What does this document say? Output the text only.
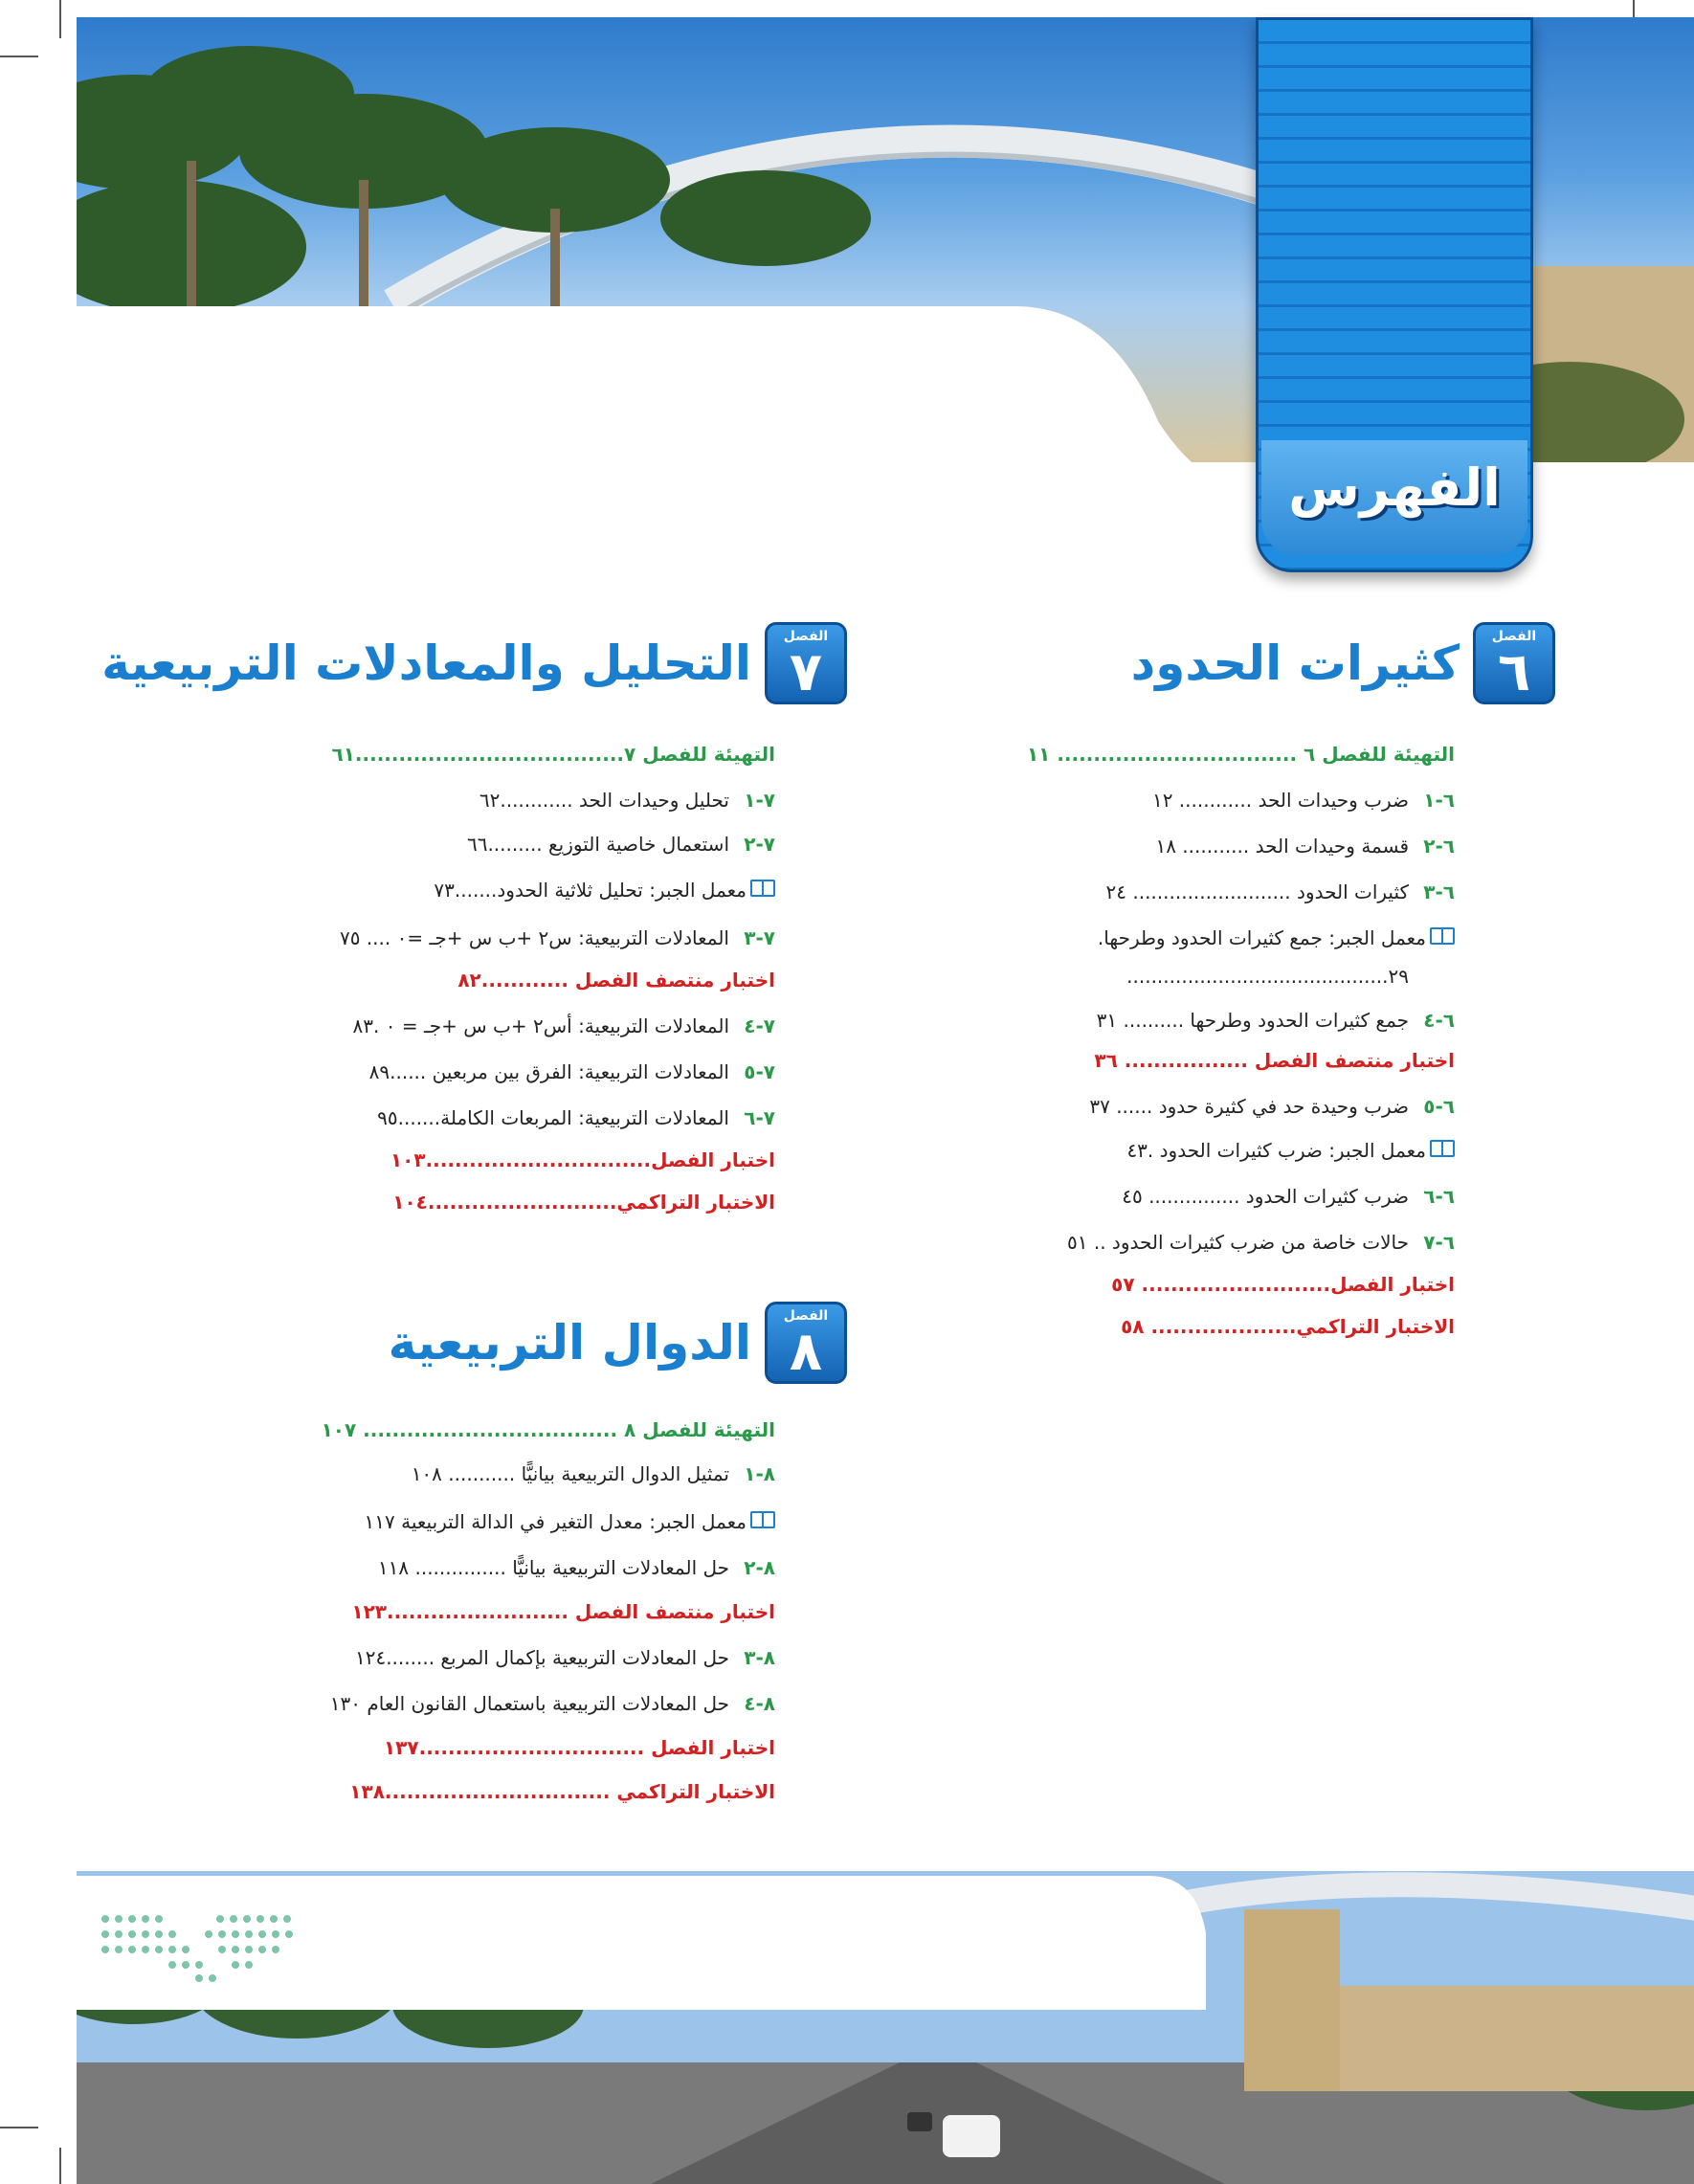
الفهرس
الفصل
٦
كثيرات الحدود
التهيئة للفصل ٦ ................................. ١١
٦-١
ضرب وحيدات الحد ............ ١٢
٦-٢
قسمة وحيدات الحد ........... ١٨
٦-٣
كثيرات الحدود .......................... ٢٤
معمل الجبر: جمع كثيرات الحدود وطرحها.
٢٩...........................................
٦-٤
جمع كثيرات الحدود وطرحها .......... ٣١
اختبار منتصف الفصل ................. ٣٦
٦-٥
ضرب وحيدة حد في كثيرة حدود ...... ٣٧
معمل الجبر: ضرب كثيرات الحدود .٤٣
٦-٦
ضرب كثيرات الحدود ............... ٤٥
٦-٧
حالات خاصة من ضرب كثيرات الحدود .. ٥١
اختبار الفصل.......................... ٥٧
الاختبار التراكمي.................... ٥٨
الفصل
٧
التحليل والمعادلات التربيعية
التهيئة للفصل ٧.....................................٦١
٧-١
تحليل وحيدات الحد ............٦٢
٧-٢
استعمال خاصية التوزيع .........٦٦
معمل الجبر: تحليل ثلاثية الحدود.......٧٣
٧-٣
المعادلات التربيعية: س٢ +ب س +جـ =٠ .... ٧٥
اختبار منتصف الفصل ............٨٢
٧-٤
المعادلات التربيعية: أس٢ +ب س +جـ = ٠ .٨٣
٧-٥
المعادلات التربيعية: الفرق بين مربعين ......٨٩
٧-٦
المعادلات التربيعية: المربعات الكاملة.......٩٥
اختبار الفصل...............................١٠٣
الاختبار التراكمي..........................١٠٤
الفصل
٨
الدوال التربيعية
التهيئة للفصل ٨ ................................... ١٠٧
٨-١
تمثيل الدوال التربيعية بيانيًّا ........... ١٠٨
معمل الجبر: معدل التغير في الدالة التربيعية ١١٧
٨-٢
حل المعادلات التربيعية بيانيًّا ............... ١١٨
اختبار منتصف الفصل .........................١٢٣
٨-٣
حل المعادلات التربيعية بإكمال المربع ........١٢٤
٨-٤
حل المعادلات التربيعية باستعمال القانون العام ١٣٠
اختبار الفصل ...............................١٣٧
الاختبار التراكمي ...............................١٣٨
